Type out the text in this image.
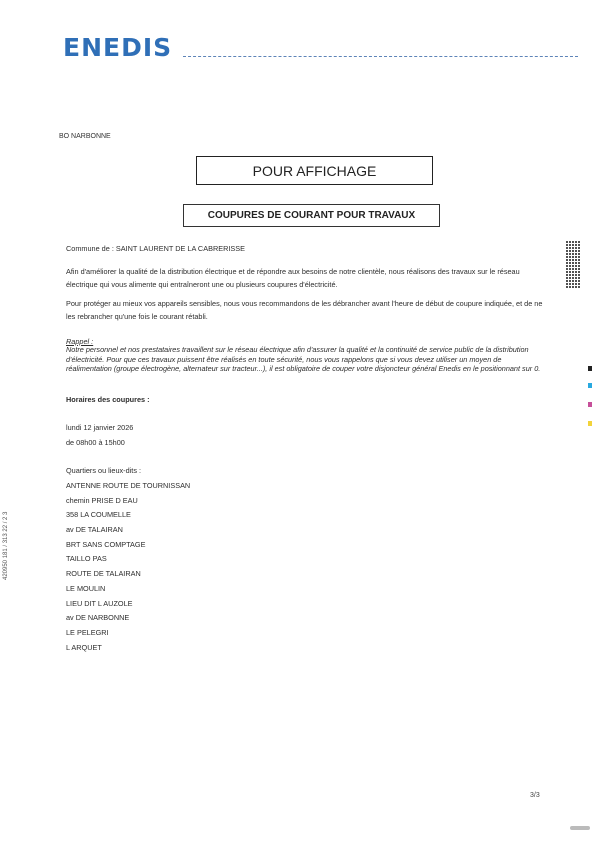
ENEDIS
BO NARBONNE
POUR AFFICHAGE
COUPURES DE COURANT POUR TRAVAUX
Commune de : SAINT LAURENT DE LA CABRERISSE
Afin d'améliorer la qualité de la distribution électrique et de répondre aux besoins de notre clientèle, nous réalisons des travaux sur le réseau électrique qui vous alimente qui entraîneront une ou plusieurs coupures d'électricité.
Pour protéger au mieux vos appareils sensibles, nous vous recommandons de les débrancher avant l'heure de début de coupure indiquée, et de ne les rebrancher qu'une fois le courant rétabli.
Rappel :
Notre personnel et nos prestataires travaillent sur le réseau électrique afin d'assurer la qualité et la continuité de service public de la distribution d'électricité. Pour que ces travaux puissent être réalisés en toute sécurité, nous vous rappelons que si vous devez utiliser un moyen de réalimentation (groupe électrogène, alternateur sur tracteur...), il est obligatoire de couper votre disjoncteur général Enedis en le positionnant sur 0.
Horaires des coupures :
lundi 12 janvier 2026
de 08h00 à 15h00
Quartiers ou lieux-dits :
ANTENNE ROUTE DE TOURNISSAN
chemin PRISE D EAU
358 LA COUMELLE
av DE TALAIRAN
BRT SANS COMPTAGE
TAILLO PAS
ROUTE DE TALAIRAN
LE MOULIN
LIEU DIT L AUZOLE
av DE NARBONNE
LE PELEGRI
L ARQUET
3/3
420950 181 / 313 22 / 2 3
